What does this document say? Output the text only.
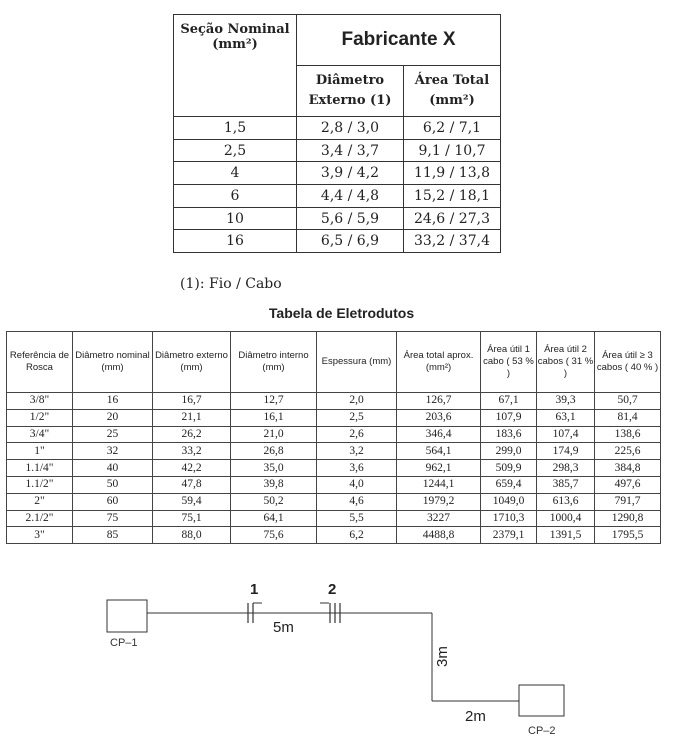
Seção Nominal (mm²)	Fabricante X	
	Diâmetro Externo (1)	Área Total (mm²)
1,5	2,8 / 3,0	6,2 / 7,1
2,5	3,4 / 3,7	9,1 / 10,7
4	3,9 / 4,2	11,9 / 13,8
6	4,4 / 4,8	15,2 / 18,1
10	5,6 / 5,9	24,6 / 27,3
16	6,5 / 6,9	33,2 / 37,4
(1): Fio / Cabo
Tabela de Eletrodutos
Referência de Rosca	Diâmetro nominal (mm)	Diâmetro externo (mm)	Diâmetro interno (mm)	Espessura (mm)	Área total aprox. (mm²)	Área útil 1 cabo ( 53 % )	Área útil 2 cabos ( 31 % )	Área útil ≥ 3 cabos ( 40 % )
3/8"	16	16,7	12,7	2,0	126,7	67,1	39,3	50,7
1/2"	20	21,1	16,1	2,5	203,6	107,9	63,1	81,4
3/4"	25	26,2	21,0	2,6	346,4	183,6	107,4	138,6
1"	32	33,2	26,8	3,2	564,1	299,0	174,9	225,6
1.1/4"	40	42,2	35,0	3,6	962,1	509,9	298,3	384,8
1.1/2"	50	47,8	39,8	4,0	1244,1	659,4	385,7	497,6
2"	60	59,4	50,2	4,6	1979,2	1049,0	613,6	791,7
2.1/2"	75	75,1	64,1	5,5	3227	1710,3	1000,4	1290,8
3"	85	88,0	75,6	6,2	4488,8	2379,1	1391,5	1795,5
CP–1
1	2
5m
3m
2m
CP–2
